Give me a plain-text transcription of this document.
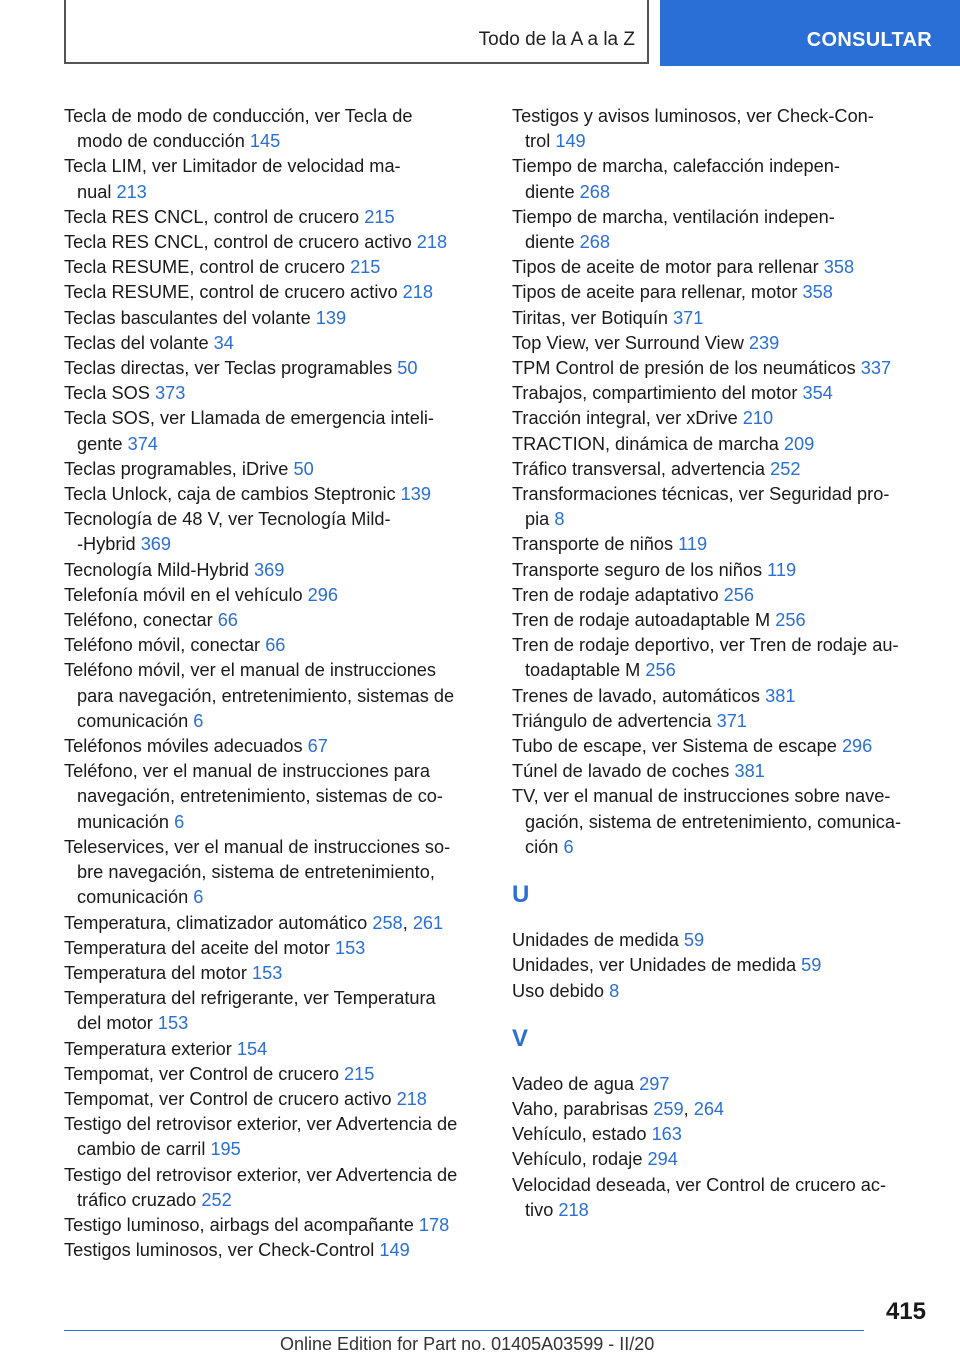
Todo de la A a la Z	CONSULTAR
Tecla de modo de conducción, ver Tecla de
modo de conducción 145
Tecla LIM, ver Limitador de velocidad ma-
nual 213
Tecla RES CNCL, control de crucero 215
Tecla RES CNCL, control de crucero activo 218
Tecla RESUME, control de crucero 215
Tecla RESUME, control de crucero activo 218
Teclas basculantes del volante 139
Teclas del volante 34
Teclas directas, ver Teclas programables 50
Tecla SOS 373
Tecla SOS, ver Llamada de emergencia inteli-
gente 374
Teclas programables, iDrive 50
Tecla Unlock, caja de cambios Steptronic 139
Tecnología de 48 V, ver Tecnología Mild-
-Hybrid 369
Tecnología Mild-Hybrid 369
Telefonía móvil en el vehículo 296
Teléfono, conectar 66
Teléfono móvil, conectar 66
Teléfono móvil, ver el manual de instrucciones
para navegación, entretenimiento, sistemas de
comunicación 6
Teléfonos móviles adecuados 67
Teléfono, ver el manual de instrucciones para
navegación, entretenimiento, sistemas de co-
municación 6
Teleservices, ver el manual de instrucciones so-
bre navegación, sistema de entretenimiento,
comunicación 6
Temperatura, climatizador automático 258, 261
Temperatura del aceite del motor 153
Temperatura del motor 153
Temperatura del refrigerante, ver Temperatura
del motor 153
Temperatura exterior 154
Tempomat, ver Control de crucero 215
Tempomat, ver Control de crucero activo 218
Testigo del retrovisor exterior, ver Advertencia de
cambio de carril 195
Testigo del retrovisor exterior, ver Advertencia de
tráfico cruzado 252
Testigo luminoso, airbags del acompañante 178
Testigos luminosos, ver Check-Control 149
Testigos y avisos luminosos, ver Check-Con-
trol 149
Tiempo de marcha, calefacción indepen-
diente 268
Tiempo de marcha, ventilación indepen-
diente 268
Tipos de aceite de motor para rellenar 358
Tipos de aceite para rellenar, motor 358
Tiritas, ver Botiquín 371
Top View, ver Surround View 239
TPM Control de presión de los neumáticos 337
Trabajos, compartimiento del motor 354
Tracción integral, ver xDrive 210
TRACTION, dinámica de marcha 209
Tráfico transversal, advertencia 252
Transformaciones técnicas, ver Seguridad pro-
pia 8
Transporte de niños 119
Transporte seguro de los niños 119
Tren de rodaje adaptativo 256
Tren de rodaje autoadaptable M 256
Tren de rodaje deportivo, ver Tren de rodaje au-
toadaptable M 256
Trenes de lavado, automáticos 381
Triángulo de advertencia 371
Tubo de escape, ver Sistema de escape 296
Túnel de lavado de coches 381
TV, ver el manual de instrucciones sobre nave-
gación, sistema de entretenimiento, comunica-
ción 6
U
Unidades de medida 59
Unidades, ver Unidades de medida 59
Uso debido 8
V
Vadeo de agua 297
Vaho, parabrisas 259, 264
Vehículo, estado 163
Vehículo, rodaje 294
Velocidad deseada, ver Control de crucero ac-
tivo 218
415
Online Edition for Part no. 01405A03599 - II/20
